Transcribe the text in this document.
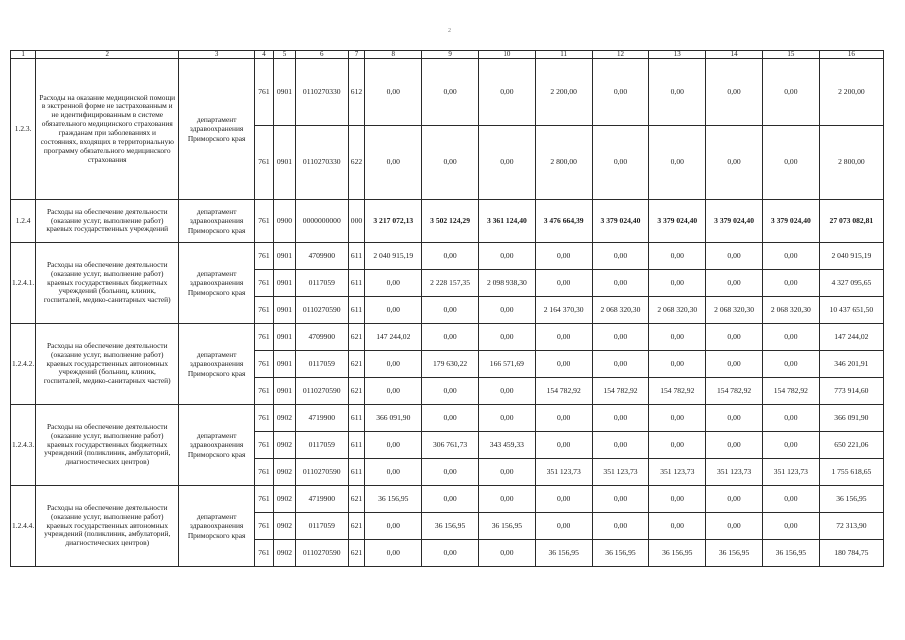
2
1	2	3	4	5	6	7	8	9	10	11	12	13	14	15	16
1.2.3.	Расходы на оказание медицинской помощи в экстренной форме не застрахованным и не идентифицированным в системе обязательного медицинского страхования гражданам при заболеваниях и состояниях, входящих в территориальную программу обязательного медицинского страхования	департамент здравоохранения Приморского края	761	0901	0110270330	612	0,00	0,00	0,00	2 200,00	0,00	0,00	0,00	0,00	2 200,00
			761	0901	0110270330	622	0,00	0,00	0,00	2 800,00	0,00	0,00	0,00	0,00	2 800,00
1.2.4	Расходы на обеспечение деятельности (оказание услуг, выполнение работ) краевых государственных учреждений	департамент здравоохранения Приморского края	761	0900	0000000000	000	3 217 072,13	3 502 124,29	3 361 124,40	3 476 664,39	3 379 024,40	3 379 024,40	3 379 024,40	3 379 024,40	27 073 082,81
1.2.4.1.	Расходы на обеспечение деятельности (оказание услуг, выполнение работ) краевых государственных бюджетных учреждений (больниц, клиник, госпиталей, медико-санитарных частей)	департамент здравоохранения Приморского края	761	0901	4709900	611	2 040 915,19	0,00	0,00	0,00	0,00	0,00	0,00	0,00	2 040 915,19
			761	0901	0117059	611	0,00	2 228 157,35	2 098 938,30	0,00	0,00	0,00	0,00	0,00	4 327 095,65
			761	0901	0110270590	611	0,00	0,00	0,00	2 164 370,30	2 068 320,30	2 068 320,30	2 068 320,30	2 068 320,30	10 437 651,50
1.2.4.2.	Расходы на обеспечение деятельности (оказание услуг, выполнение работ) краевых государственных автономных учреждений (больниц, клиник, госпиталей, медико-санитарных частей)	департамент здравоохранения Приморского края	761	0901	4709900	621	147 244,02	0,00	0,00	0,00	0,00	0,00	0,00	0,00	147 244,02
			761	0901	0117059	621	0,00	179 630,22	166 571,69	0,00	0,00	0,00	0,00	0,00	346 201,91
			761	0901	0110270590	621	0,00	0,00	0,00	154 782,92	154 782,92	154 782,92	154 782,92	154 782,92	773 914,60
1.2.4.3.	Расходы на обеспечение деятельности (оказание услуг, выполнение работ) краевых государственных бюджетных учреждений (поликлиник, амбулаторий, диагностических центров)	департамент здравоохранения Приморского края	761	0902	4719900	611	366 091,90	0,00	0,00	0,00	0,00	0,00	0,00	0,00	366 091,90
			761	0902	0117059	611	0,00	306 761,73	343 459,33	0,00	0,00	0,00	0,00	0,00	650 221,06
			761	0902	0110270590	611	0,00	0,00	0,00	351 123,73	351 123,73	351 123,73	351 123,73	351 123,73	1 755 618,65
1.2.4.4.	Расходы на обеспечение деятельности (оказание услуг, выполнение работ) краевых государственных автономных учреждений (поликлиник, амбулаторий, диагностических центров)	департамент здравоохранения Приморского края	761	0902	4719900	621	36 156,95	0,00	0,00	0,00	0,00	0,00	0,00	0,00	36 156,95
			761	0902	0117059	621	0,00	36 156,95	36 156,95	0,00	0,00	0,00	0,00	0,00	72 313,90
			761	0902	0110270590	621	0,00	0,00	0,00	36 156,95	36 156,95	36 156,95	36 156,95	36 156,95	180 784,75
